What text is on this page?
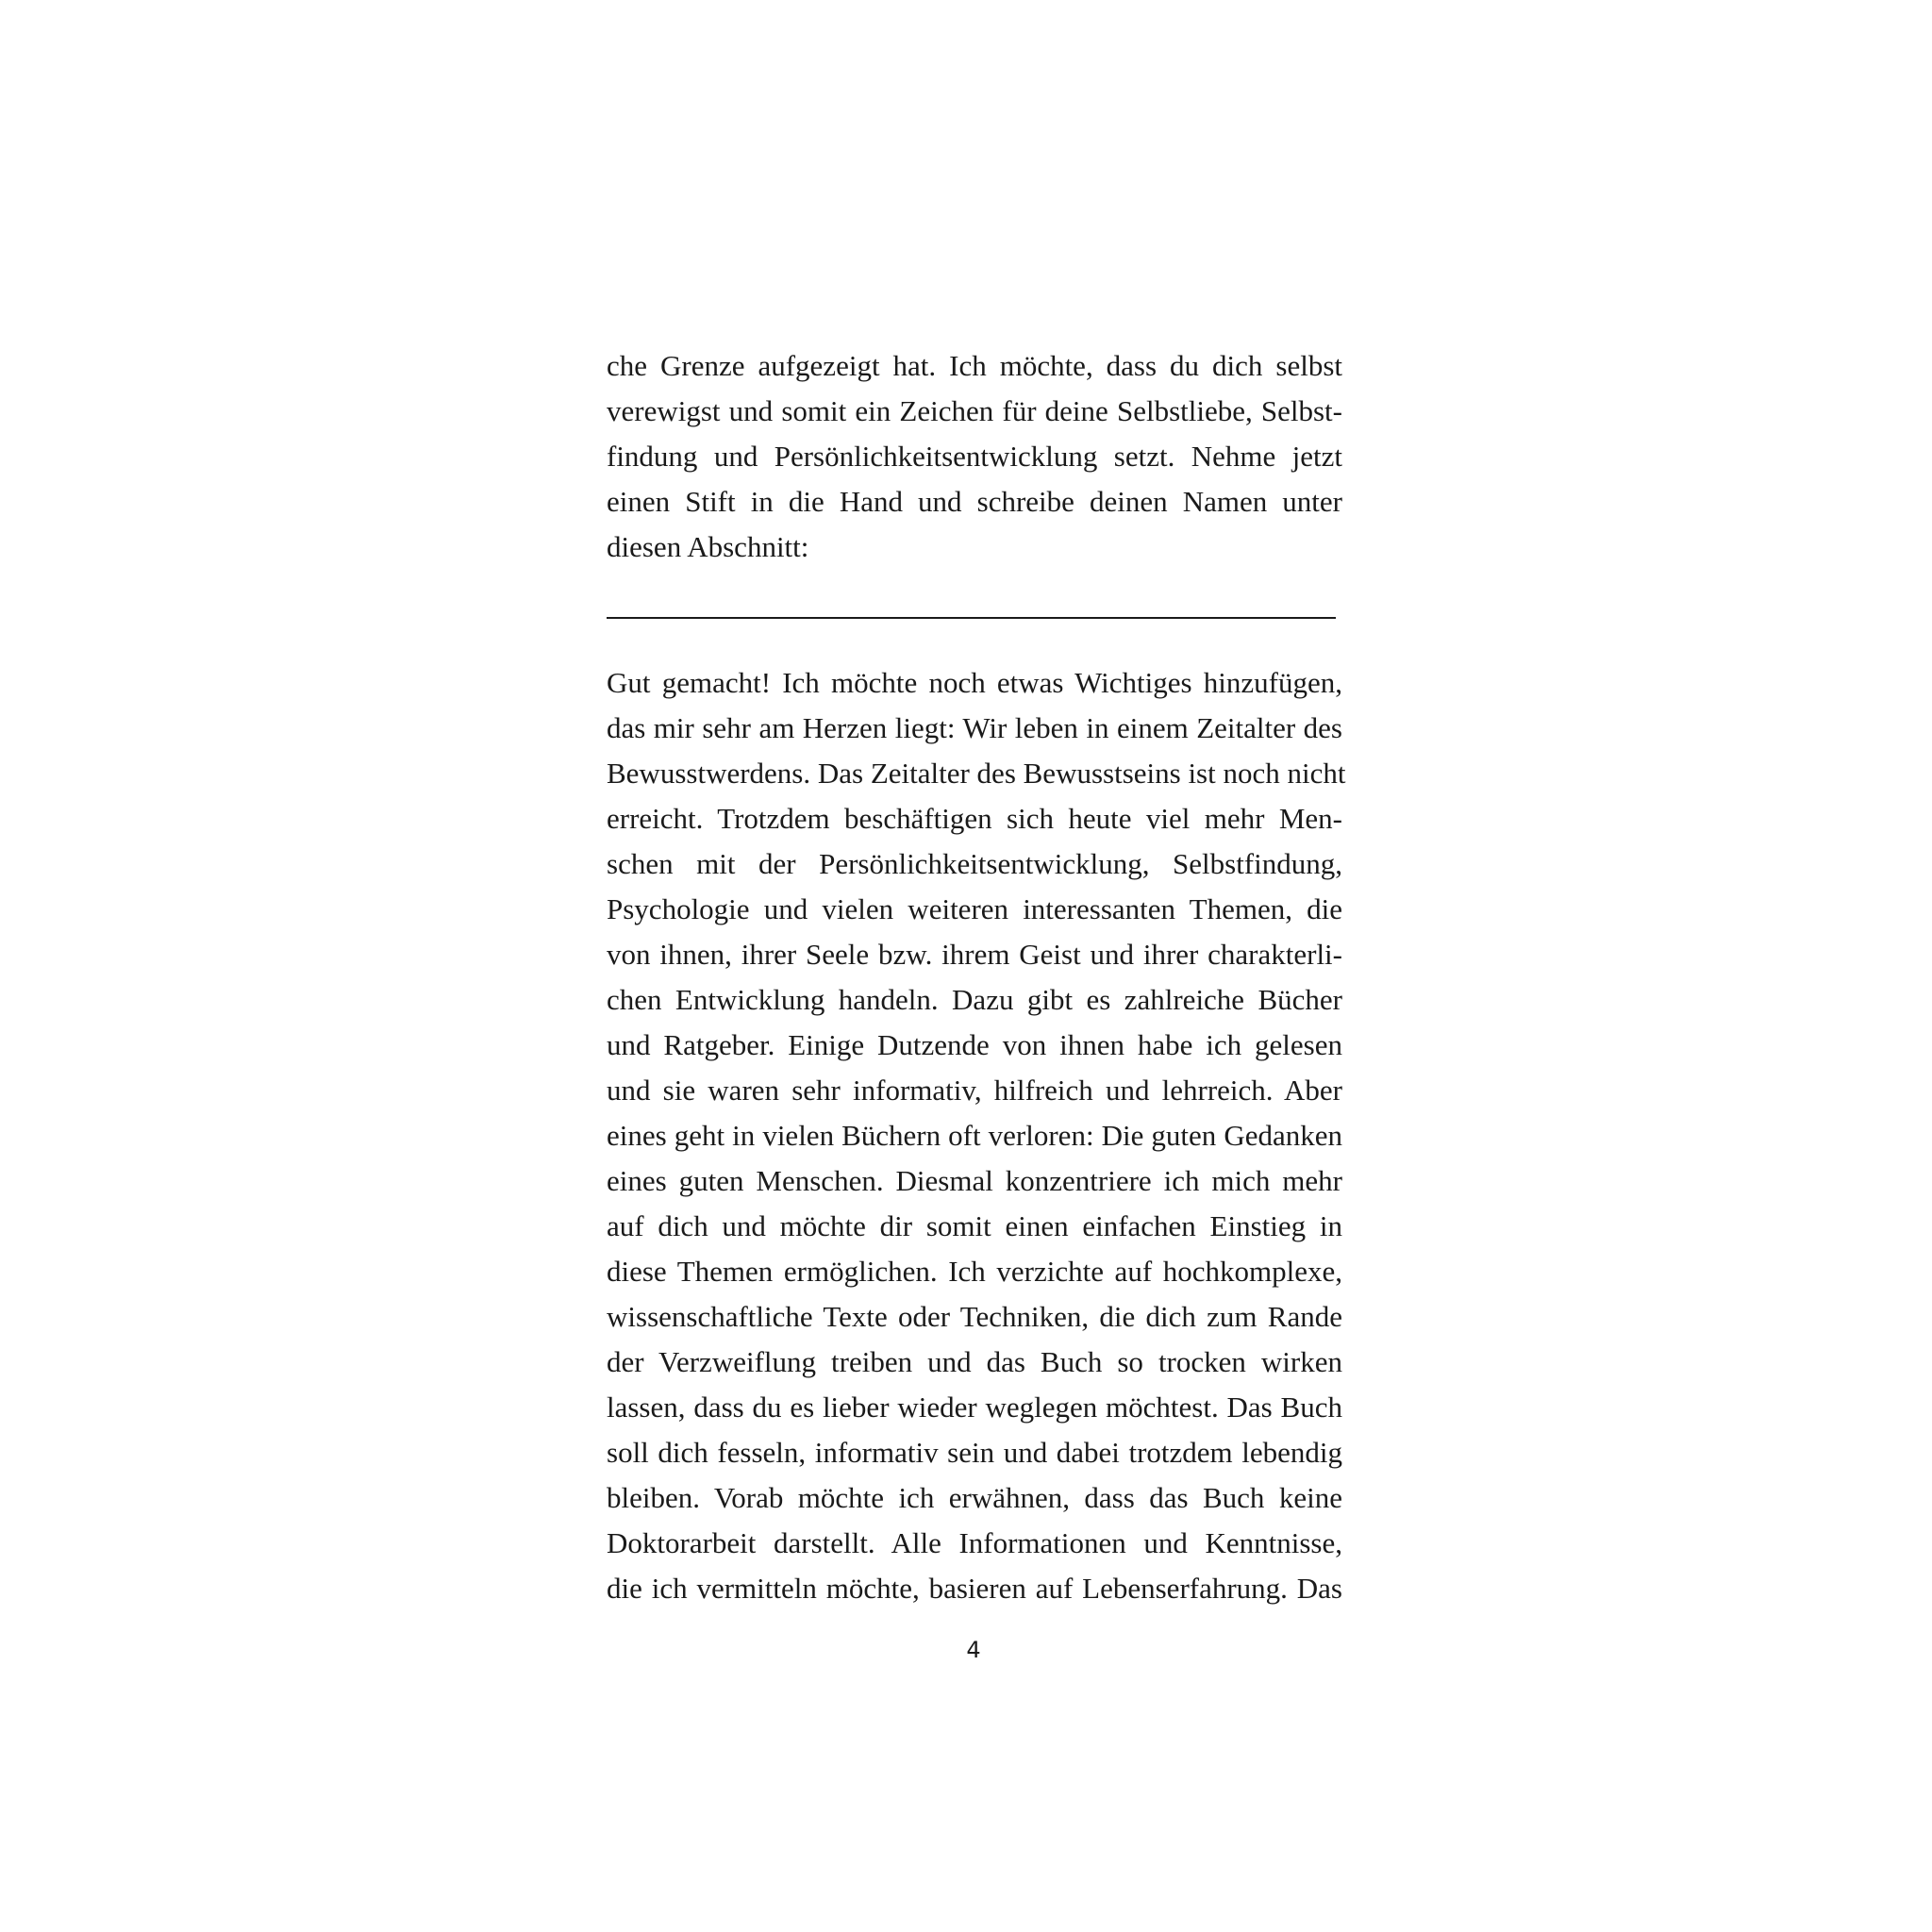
che Grenze aufgezeigt hat. Ich möchte, dass du dich selbst
verewigst und somit ein Zeichen für deine Selbstliebe, Selbst-
findung und Persönlichkeitsentwicklung setzt. Nehme jetzt
einen Stift in die Hand und schreibe deinen Namen unter
diesen Abschnitt:
Gut gemacht! Ich möchte noch etwas Wichtiges hinzufügen,
das mir sehr am Herzen liegt: Wir leben in einem Zeitalter des
Bewusstwerdens. Das Zeitalter des Bewusstseins ist noch nicht
erreicht. Trotzdem beschäftigen sich heute viel mehr Men-
schen mit der Persönlichkeitsentwicklung, Selbstfindung,
Psychologie und vielen weiteren interessanten Themen, die
von ihnen, ihrer Seele bzw. ihrem Geist und ihrer charakterli-
chen Entwicklung handeln. Dazu gibt es zahlreiche Bücher
und Ratgeber. Einige Dutzende von ihnen habe ich gelesen
und sie waren sehr informativ, hilfreich und lehrreich. Aber
eines geht in vielen Büchern oft verloren: Die guten Gedanken
eines guten Menschen. Diesmal konzentriere ich mich mehr
auf dich und möchte dir somit einen einfachen Einstieg in
diese Themen ermöglichen. Ich verzichte auf hochkomplexe,
wissenschaftliche Texte oder Techniken, die dich zum Rande
der Verzweiflung treiben und das Buch so trocken wirken
lassen, dass du es lieber wieder weglegen möchtest. Das Buch
soll dich fesseln, informativ sein und dabei trotzdem lebendig
bleiben. Vorab möchte ich erwähnen, dass das Buch keine
Doktorarbeit darstellt. Alle Informationen und Kenntnisse,
die ich vermitteln möchte, basieren auf Lebenserfahrung. Das
4
